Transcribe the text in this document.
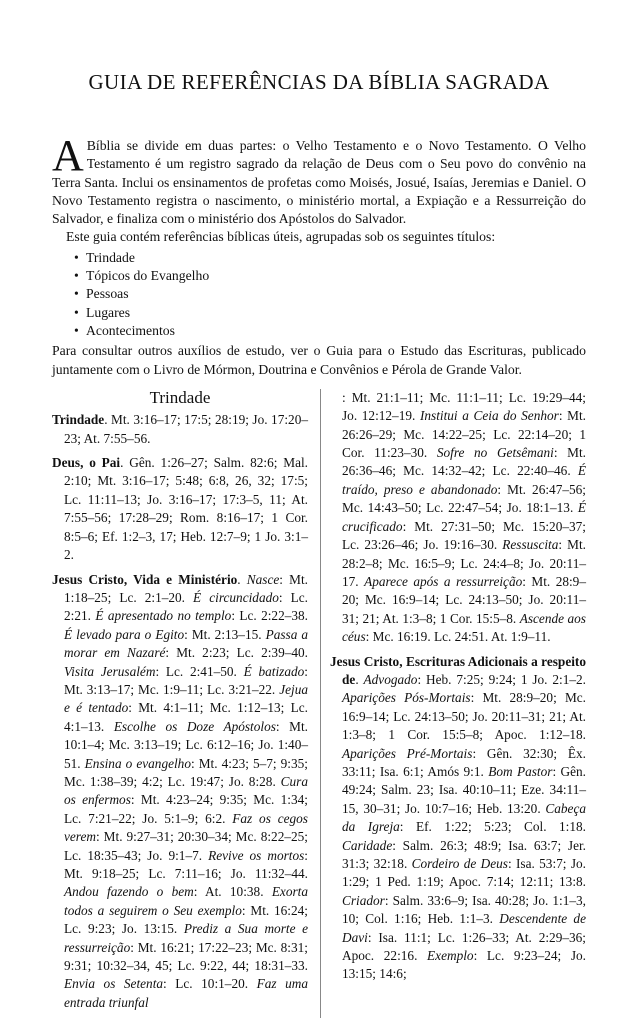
GUIA DE REFERÊNCIAS DA BÍBLIA SAGRADA

A Bíblia se divide em duas partes: o Velho Testamento e o Novo Testamento. O Velho Testamento é um registro sagrado da relação de Deus com o Seu povo do convênio na Terra Santa. Inclui os ensinamentos de profetas como Moisés, Josué, Isaías, Jeremias e Daniel. O Novo Testamento registra o nascimento, o ministério mortal, a Expiação e a Ressurreição do Salvador, e finaliza com o ministério dos Apóstolos do Salvador.

Este guia contém referências bíblicas úteis, agrupadas sob os seguintes títulos:

• Trindade
• Tópicos do Evangelho
• Pessoas
• Lugares
• Acontecimentos

Para consultar outros auxílios de estudo, ver o Guia para o Estudo das Escrituras, publicado juntamente com o Livro de Mórmon, Doutrina e Convênios e Pérola de Grande Valor.

Trindade

Trindade. Mt. 3:16–17; 17:5; 28:19; Jo. 17:20–23; At. 7:55–56.

Deus, o Pai. Gên. 1:26–27; Salm. 82:6; Mal. 2:10; Mt. 3:16–17; 5:48; 6:8, 26, 32; 17:5; Lc. 11:11–13; Jo. 3:16–17; 17:3–5, 11; At. 7:55–56; 17:28–29; Rom. 8:16–17; 1 Cor. 8:5–6; Ef. 1:2–3, 17; Heb. 12:7–9; 1 Jo. 3:1–2.

Jesus Cristo, Vida e Ministério. Nasce: Mt. 1:18–25; Lc. 2:1–20. É circuncidado: Lc. 2:21. É apresentado no templo: Lc. 2:22–38. É levado para o Egito: Mt. 2:13–15. Passa a morar em Nazaré: Mt. 2:23; Lc. 2:39–40. Visita Jerusalém: Lc. 2:41–50. É batizado: Mt. 3:13–17; Mc. 1:9–11; Lc. 3:21–22. Jejua e é tentado: Mt. 4:1–11; Mc. 1:12–13; Lc. 4:1–13. Escolhe os Doze Apóstolos: Mt. 10:1–4; Mc. 3:13–19; Lc. 6:12–16; Jo. 1:40–51. Ensina o evangelho: Mt. 4:23; 5–7; 9:35; Mc. 1:38–39; 4:2; Lc. 19:47; Jo. 8:28. Cura os enfermos: Mt. 4:23–24; 9:35; Mc. 1:34; Lc. 7:21–22; Jo. 5:1–9; 6:2. Faz os cegos verem: Mt. 9:27–31; 20:30–34; Mc. 8:22–25; Lc. 18:35–43; Jo. 9:1–7. Revive os mortos: Mt. 9:18–25; Lc. 7:11–16; Jo. 11:32–44. Andou fazendo o bem: At. 10:38. Exorta todos a seguirem o Seu exemplo: Mt. 16:24; Lc. 9:23; Jo. 13:15. Prediz a Sua morte e ressurreição: Mt. 16:21; 17:22–23; Mc. 8:31; 9:31; 10:32–34, 45; Lc. 9:22, 44; 18:31–33. Envia os Setenta: Lc. 10:1–20. Faz uma entrada triunfal

: Mt. 21:1–11; Mc. 11:1–11; Lc. 19:29–44; Jo. 12:12–19. Institui a Ceia do Senhor: Mt. 26:26–29; Mc. 14:22–25; Lc. 22:14–20; 1 Cor. 11:23–30. Sofre no Getsêmani: Mt. 26:36–46; Mc. 14:32–42; Lc. 22:40–46. É traído, preso e abandonado: Mt. 26:47–56; Mc. 14:43–50; Lc. 22:47–54; Jo. 18:1–13. É crucificado: Mt. 27:31–50; Mc. 15:20–37; Lc. 23:26–46; Jo. 19:16–30. Ressuscita: Mt. 28:2–8; Mc. 16:5–9; Lc. 24:4–8; Jo. 20:11–17. Aparece após a ressurreição: Mt. 28:9–20; Mc. 16:9–14; Lc. 24:13–50; Jo. 20:11–31; 21; At. 1:3–8; 1 Cor. 15:5–8. Ascende aos céus: Mc. 16:19. Lc. 24:51. At. 1:9–11.

Jesus Cristo, Escrituras Adicionais a respeito de. Advogado: Heb. 7:25; 9:24; 1 Jo. 2:1–2. Aparições Pós-Mortais: Mt. 28:9–20; Mc. 16:9–14; Lc. 24:13–50; Jo. 20:11–31; 21; At. 1:3–8; 1 Cor. 15:5–8; Apoc. 1:12–18. Aparições Pré-Mortais: Gên. 32:30; Êx. 33:11; Isa. 6:1; Amós 9:1. Bom Pastor: Gên. 49:24; Salm. 23; Isa. 40:10–11; Eze. 34:11–15, 30–31; Jo. 10:7–16; Heb. 13:20. Cabeça da Igreja: Ef. 1:22; 5:23; Col. 1:18. Caridade: Salm. 26:3; 48:9; Isa. 63:7; Jer. 31:3; 32:18. Cordeiro de Deus: Isa. 53:7; Jo. 1:29; 1 Ped. 1:19; Apoc. 7:14; 12:11; 13:8. Criador: Salm. 33:6–9; Isa. 40:28; Jo. 1:1–3, 10; Col. 1:16; Heb. 1:1–3. Descendente de Davi: Isa. 11:1; Lc. 1:26–33; At. 2:29–36; Apoc. 22:16. Exemplo: Lc. 9:23–24; Jo. 13:15; 14:6;
